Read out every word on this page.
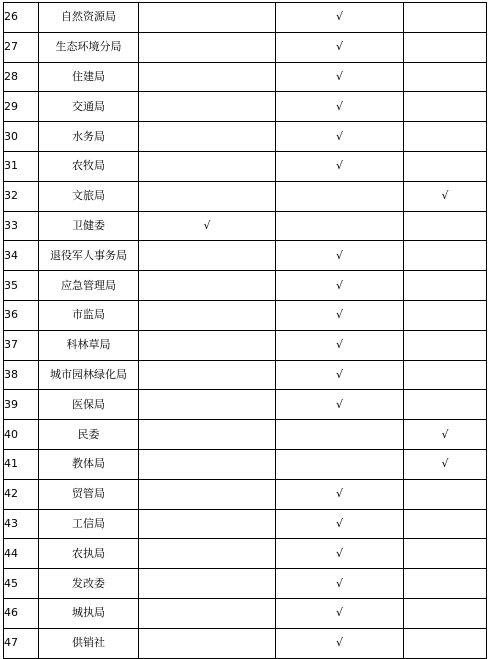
26	自然资源局		√	
27	生态环境分局		√	
28	住建局		√	
29	交通局		√	
30	水务局		√	
31	农牧局		√	
32	文旅局			√
33	卫健委	√		
34	退役军人事务局		√	
35	应急管理局		√	
36	市监局		√	
37	科林草局		√	
38	城市园林绿化局		√	
39	医保局		√	
40	民委			√
41	教体局			√
42	贸管局		√	
43	工信局		√	
44	农执局		√	
45	发改委		√	
46	城执局		√	
47	供销社		√	
